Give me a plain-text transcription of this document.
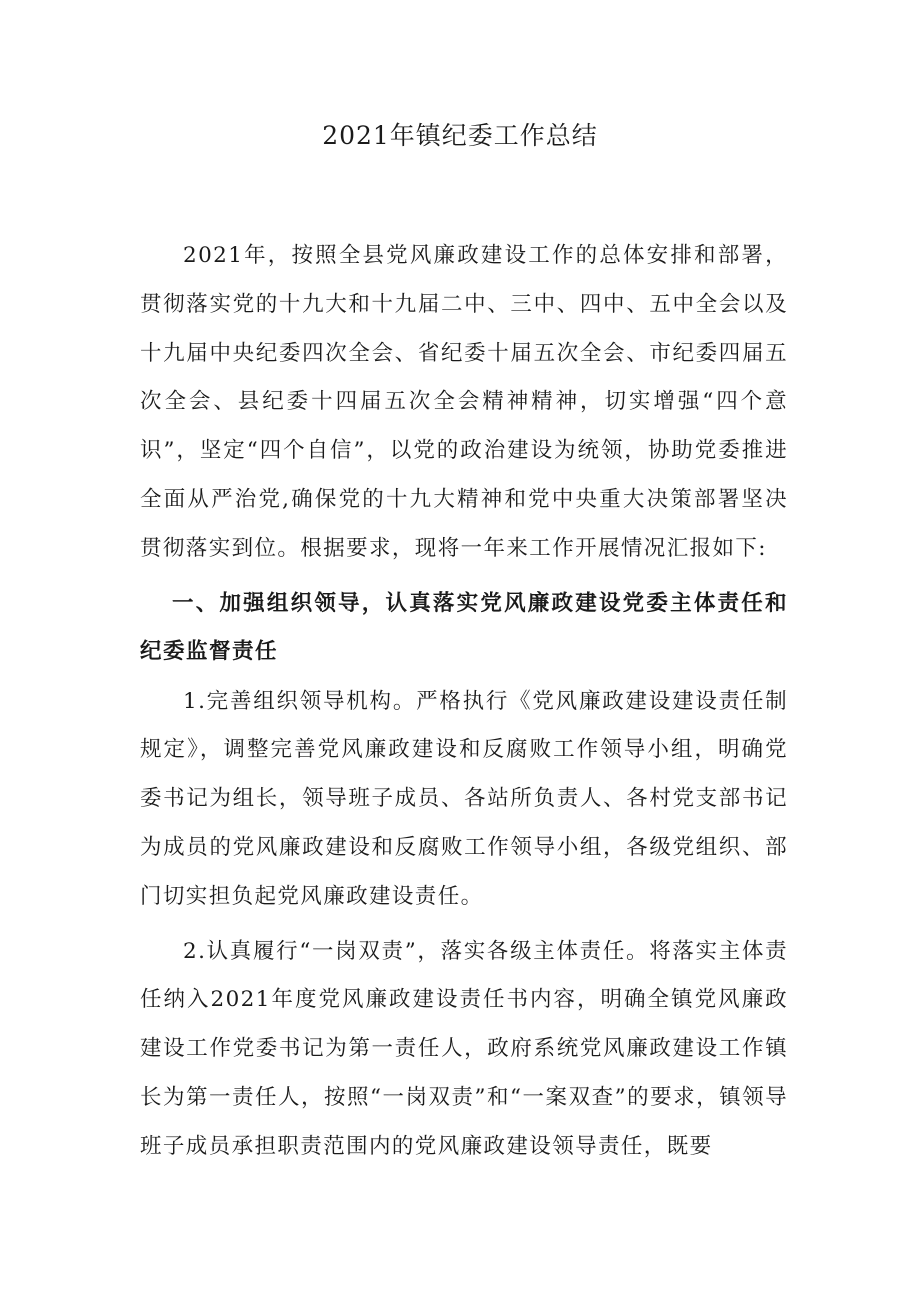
2021年镇纪委工作总结

2021年，按照全县党风廉政建设工作的总体安排和部署，贯彻落实党的十九大和十九届二中、三中、四中、五中全会以及十九届中央纪委四次全会、省纪委十届五次全会、市纪委四届五次全会、县纪委十四届五次全会精神精神，切实增强“四个意识”，坚定“四个自信”，以党的政治建设为统领，协助党委推进全面从严治党,确保党的十九大精神和党中央重大决策部署坚决贯彻落实到位。根据要求，现将一年来工作开展情况汇报如下:

一、加强组织领导，认真落实党风廉政建设党委主体责任和纪委监督责任

1.完善组织领导机构。严格执行《党风廉政建设建设责任制规定》，调整完善党风廉政建设和反腐败工作领导小组，明确党委书记为组长，领导班子成员、各站所负责人、各村党支部书记为成员的党风廉政建设和反腐败工作领导小组，各级党组织、部门切实担负起党风廉政建设责任。

2.认真履行“一岗双责”，落实各级主体责任。将落实主体责任纳入2021年度党风廉政建设责任书内容，明确全镇党风廉政建设工作党委书记为第一责任人，政府系统党风廉政建设工作镇长为第一责任人，按照“一岗双责”和“一案双查”的要求，镇领导班子成员承担职责范围内的党风廉政建设领导责任，既要
